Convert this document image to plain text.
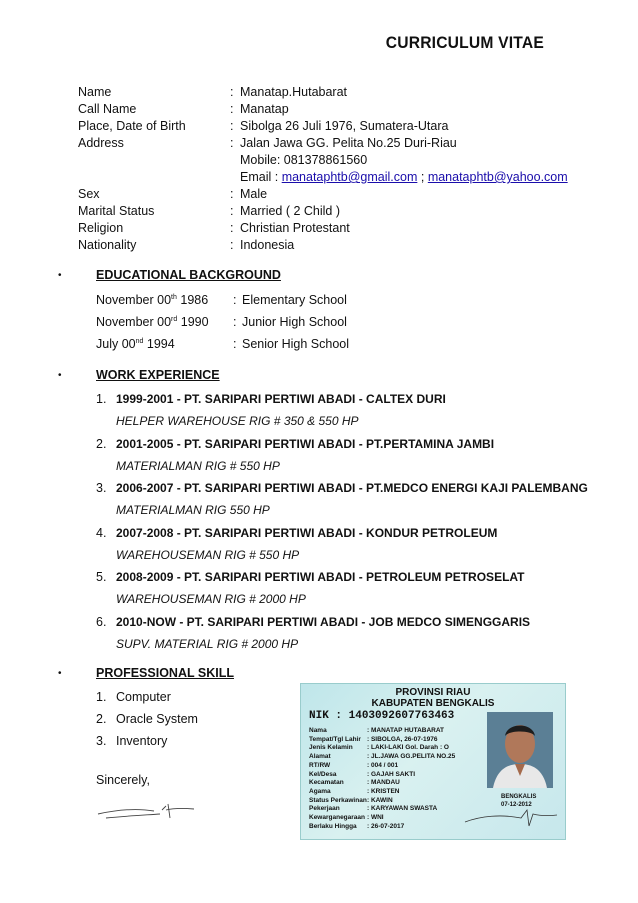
CURRICULUM VITAE
Name	: Manatap.Hutabarat
Call Name	: Manatap
Place, Date of Birth	: Sibolga 26 Juli 1976, Sumatera-Utara
Address	: Jalan Jawa GG. Pelita No.25 Duri-Riau
Mobile: 081378861560
Email : manataphtb@gmail.com ; manataphtb@yahoo.com
Sex	: Male
Marital Status	: Married ( 2 Child )
Religion	: Christian Protestant
Nationality	: Indonesia
•	EDUCATIONAL BACKGROUND
November 00th 1986 : Elementary School
November 00rd 1990 : Junior High School
July 00nd 1994	: Senior High School
•	WORK EXPERIENCE
1. 1999-2001 - PT. SARIPARI PERTIWI ABADI - CALTEX DURI
HELPER WAREHOUSE RIG # 350 & 550 HP
2. 2001-2005 - PT. SARIPARI PERTIWI ABADI - PT.PERTAMINA JAMBI
MATERIALMAN RIG # 550 HP
3. 2006-2007 - PT. SARIPARI PERTIWI ABADI - PT.MEDCO ENERGI KAJI PALEMBANG
MATERIALMAN RIG 550 HP
4. 2007-2008 - PT. SARIPARI PERTIWI ABADI - KONDUR PETROLEUM
WAREHOUSEMAN RIG # 550 HP
5. 2008-2009 - PT. SARIPARI PERTIWI ABADI - PETROLEUM PETROSELAT
WAREHOUSEMAN RIG # 2000 HP
6. 2010-NOW - PT. SARIPARI PERTIWI ABADI - JOB MEDCO SIMENGGARIS
SUPV. MATERIAL RIG # 2000 HP
•	PROFESSIONAL SKILL
1. Computer
2. Oracle System
3. Inventory
Sincerely,
PROVINSI RIAU
KABUPATEN BENGKALIS
NIK : 1403092607763463
Nama	: MANATAP HUTABARAT
Tempat/Tgl Lahir : SIBOLGA, 26-07-1976
Jenis Kelamin : LAKI-LAKI Gol. Darah : O
Alamat	: JL.JAWA GG.PELITA NO.25
RT/RW	: 004 / 001
Kel/Desa	: GAJAH SAKTI
Kecamatan	: MANDAU
Agama	: KRISTEN
Status Perkawinan : KAWIN
Pekerjaan	: KARYAWAN SWASTA
Kewarganegaraan : WNI
Berlaku Hingga : 26-07-2017
BENGKALIS
07-12-2012
